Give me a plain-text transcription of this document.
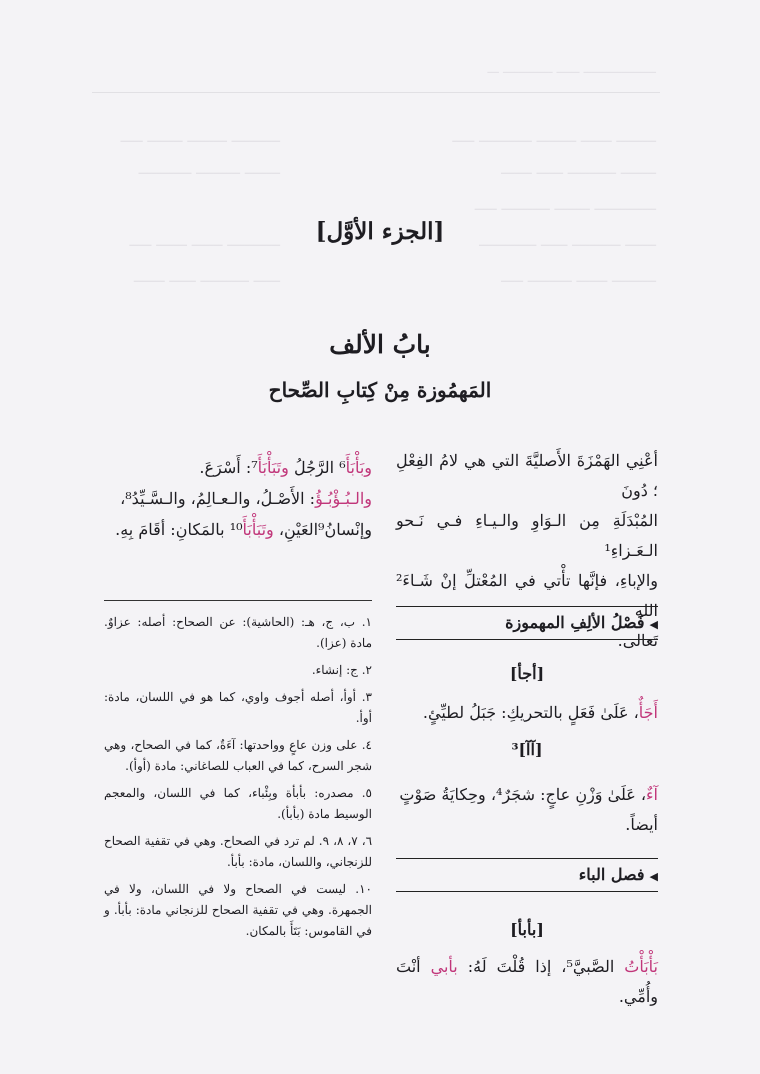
ـــــــــــــــــــ ــــــ ـــــــــــــ ـــ
ـــــــــ ـــــــ ـــــــــ ــــــــــــ ـــــ
ــــــــ ـــــــــــ ــــــ ـــــــ
ــــــــــــــ ــــــــ ـــــــــــ ـــــ
ـــــــ ـــــــــــ ــــــ ـــــــــــــ
ــــــــــ ـــــــ ــــــــــ ـــــ
ـــــــــــ ـــــــــ ــــــــ ـــــ
ــــــــ ــــــــــ ــــــــــــ
ــــــــــــ ـــــــ ـــــــ ـــــ
ــــــ ـــــــــــ ــــــ ـــــــ
[الجزء الأوَّل]
بابُ الألف
المَهمُوزة مِنْ كِتابِ الصِّحاح

أعْنِي الهَمْزَةَ الأَصليَّةَ التي هي لامُ الفِعْلِ ؛ دُونَ

المُبْدَلَةِ مِن الـوَاوِ والـيـاءِ فـي نَـحو الـعَـزاءِ¹

والإباءِ، فإنَّها تأْتي في المُعْتلِّ إنْ شَـاءَ² الله

تَعالى.

◀فَصْلُ الألِفِ المهموزة
[أجأ]
أَجَأٌ، عَلَىٰ فَعَلٍ بالتحريكِ: جَبَلُ لطيِّئٍ.
[آآ]³

آءٌ، عَلَىٰ وَزْنِ عاجٍ: شجَرٌ⁴، وحِكايَةُ صَوْتٍ

أيضاً.

◀فصل الباء
[بأبأ]
بَأْبَأْتُ الصَّبيَّ⁵، إذا قُلْتَ لَهُ: بأبي أنْتَ وأُمِّي.

وبَأْبَأَ⁶ الرَّجُلُ وتَبَأْبَأَ⁷: أَسْرَعَ.

والـبُـؤْبُـؤُ: الأَصْـلُ، والـعـالِمُ، والـسَّـيِّدُ⁸،

وإنْسانُ⁹العَيْنِ، وتَبَأْبَأَ¹⁰ بالمَكانِ: أقَامَ بِهِ.

١. ب، ج، هـ: (الحاشية): عن الصحاح: أصله: عزاوٌ. مادة (عزا).
٢. ج: إنشاء.
٣. أوأ، أصله أجوف واوي، كما هو في اللسان، مادة: أوأ.
٤. على وزن عاعٍ وواحدتها: آءَةٌ، كما في الصحاح، وهي شجر السرح، كما في العباب للصاغاني: مادة (أوأ).
٥. مصدره: بأبأة وبِئْباء، كما في اللسان، والمعجم الوسيط مادة (بأبأ).
٦، ٧، ٨، ٩. لم ترد في الصحاح. وهي في تقفية الصحاح للزنجاني، واللسان، مادة: بأبأ.
١٠. ليست في الصحاح ولا في اللسان، ولا في الجمهرة. وهي في تقفية الصحاح للزنجاني مادة: بأبأ. و في القاموس: بَتَأَ بالمكان.
